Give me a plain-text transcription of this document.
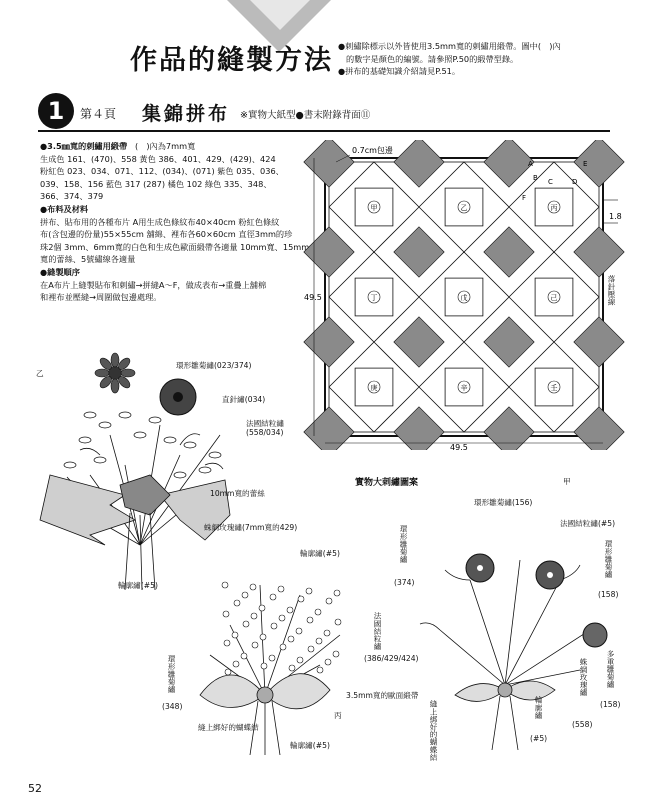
作品的縫製方法 ●刺繡除標示以外皆使用3.5mm寬的刺繡用緞帶。圖中(　)內
的數字是顏色的編號。請參照P.50的緞帶型錄。
●拼布的基礎知識介紹請見P.51。
1	第４頁 集錦拼布 ※實物大紙型●書末附錄背面⑪

●3.5㎜寬的刺繡用緞帶 (　)內為7mm寬

生成色 161、(470)、558 黃色 386、401、429、(429)、424

粉紅色 023、034、071、112、(034)、(071) 紫色 035、036、

039、158、156 藍色 317 (287) 橘色 102 綠色 335、348、

366、374、379

●布料及材料

拼布、貼布用的各種布片 A用生成色條紋布40×40cm 粉紅色條紋

布(含包邊的份量)55×55cm 舖綿、裡布各60×60cm 直徑3mm的珍

珠2個 3mm、6mm寬的白色和生成色歐面緞帶各適量 10mm寬、15mm

寬的蕾絲、5號繡線各適量

●縫製順序

在A布片上縫製貼布和刺繡→拼縫A～F，做成表布→重疊上舖棉

和裡布並壓縫→周圍做包邊處理。

甲	乙	丙
丁	戊	己
庚	辛	壬
A
B C	D
E
F
49.5
49.5
1.8
0.7cm包邊
落針壓線
乙
環形雛菊繡(023/374)
直針繡(034)
法國結粒繡
(558/034)
10mm寬的蕾絲
輪廓繡(#5)
實物大刺繡圖案
蛛網玫瑰繡(7mm寬的429)
輪廓繡(#5)
法國結粒繡
(386/429/424)
環形雛菊繡
(348)
3.5mm寬的歐面緞帶
縫上綁好的蝴蝶結
輪廓繡(#5)
丙
甲
環形雛菊繡(156)
法國結粒繡(#5)
環形雛菊繡
(374)
環形雛菊繡
(158)
多重雛菊繡
(158)
蛛網玫瑰繡
(558)
輪廓繡
(#5)
縫上綁好的蝴蝶結
52
